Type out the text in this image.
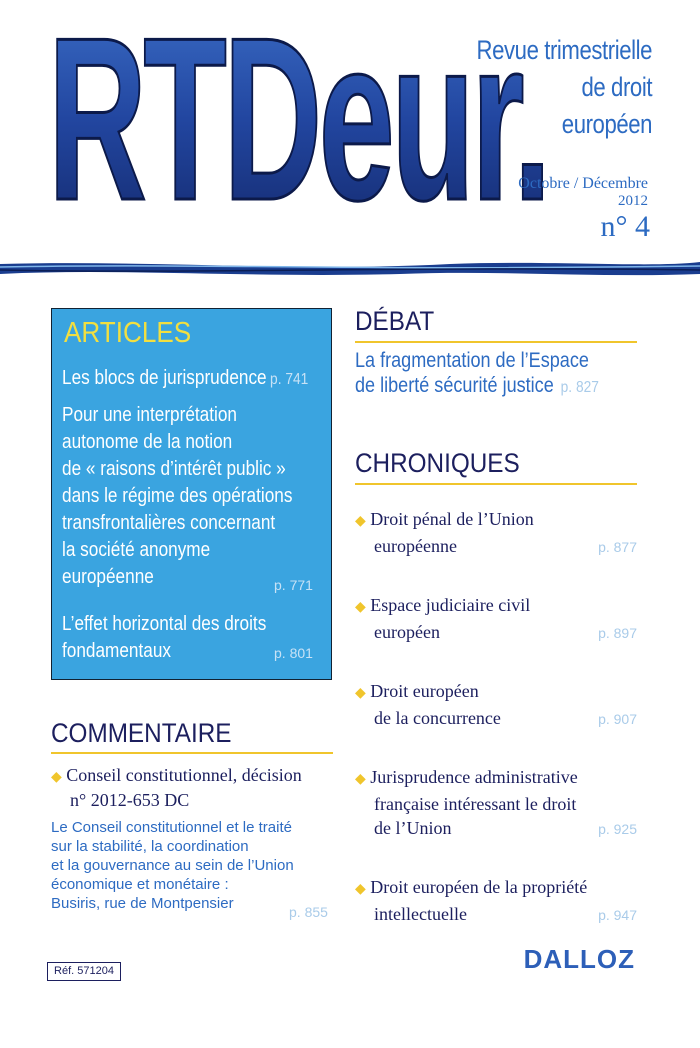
RTDeur.
Revue trimestrielle
de droit
européen
Octobre / Décembre
2012
n° 4
ARTICLES
Les blocs de jurisprudence p. 741
Pour une interprétation
autonome de la notion
de « raisons d’intérêt public »
dans le régime des opérations
transfrontalières concernant
la société anonyme
européenne	p. 771
L’effet horizontal des droits
fondamentaux	p. 801
DÉBAT
La fragmentation de l’Espace
de liberté sécurité justice p. 827
CHRONIQUES
◆ Droit pénal de l’Union
européenne	p. 877
◆ Espace judiciaire civil
européen	p. 897
◆ Droit européen
de la concurrence	p. 907
◆ Jurisprudence administrative
française intéressant le droit
de l’Union	p. 925
◆ Droit européen de la propriété
intellectuelle	p. 947
COMMENTAIRE
◆ Conseil constitutionnel, décision
n° 2012-653 DC
Le Conseil constitutionnel et le traité
sur la stabilité, la coordination
et la gouvernance au sein de l’Union
économique et monétaire :
Busiris, rue de Montpensier	p. 855
Réf. 571204	DALLOZ
